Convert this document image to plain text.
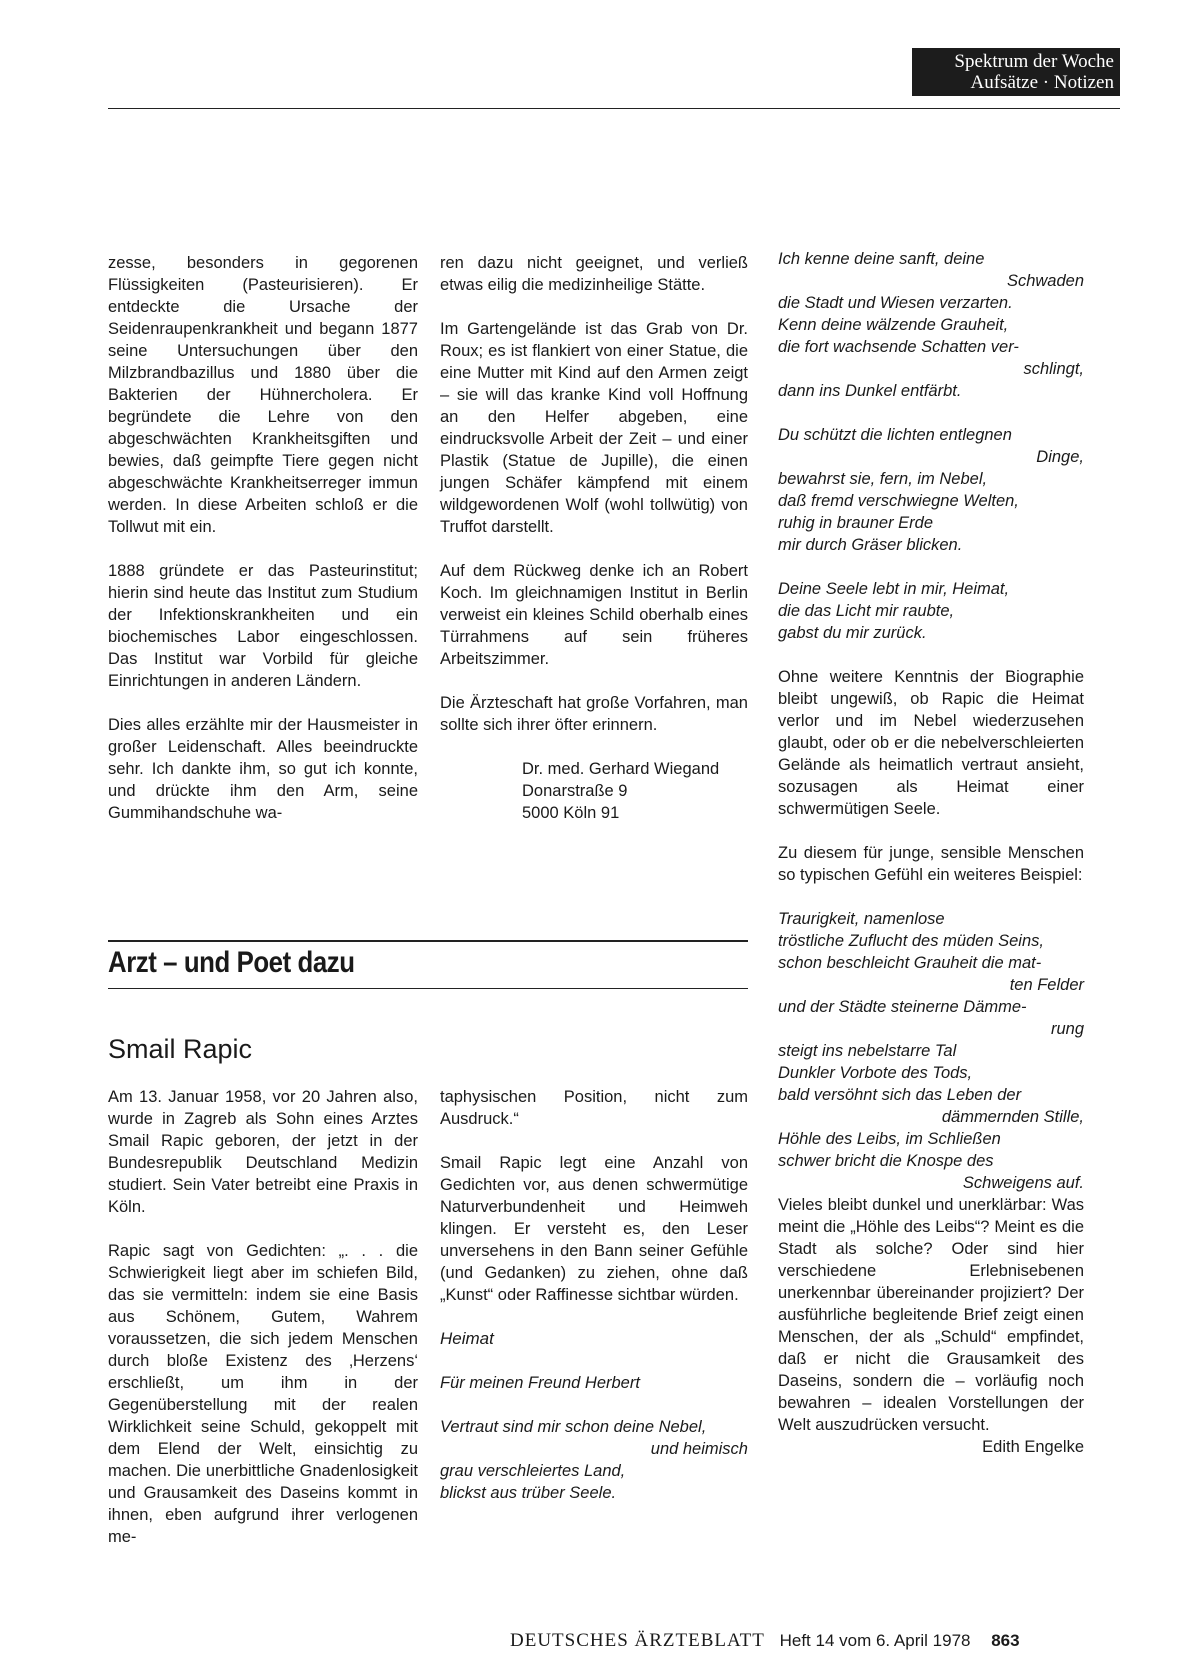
Spektrum der Woche
Aufsätze · Notizen

zesse, besonders in gegorenen Flüssigkeiten (Pasteurisieren). Er entdeckte die Ursache der Seidenraupenkrankheit und begann 1877 seine Untersuchungen über den Milzbrandbazillus und 1880 über die Bakterien der Hühnercholera. Er begründete die Lehre von den abgeschwächten Krankheitsgiften und bewies, daß geimpfte Tiere gegen nicht abgeschwächte Krankheitserreger immun werden. In diese Arbeiten schloß er die Tollwut mit ein.

1888 gründete er das Pasteurinstitut; hierin sind heute das Institut zum Studium der Infektionskrankheiten und ein biochemisches Labor eingeschlossen. Das Institut war Vorbild für gleiche Einrichtungen in anderen Ländern.

Dies alles erzählte mir der Hausmeister in großer Leidenschaft. Alles beeindruckte sehr. Ich dankte ihm, so gut ich konnte, und drückte ihm den Arm, seine Gummihandschuhe wa-

ren dazu nicht geeignet, und verließ etwas eilig die medizinheilige Stätte.

Im Gartengelände ist das Grab von Dr. Roux; es ist flankiert von einer Statue, die eine Mutter mit Kind auf den Armen zeigt – sie will das kranke Kind voll Hoffnung an den Helfer abgeben, eine eindrucksvolle Arbeit der Zeit – und einer Plastik (Statue de Jupille), die einen jungen Schäfer kämpfend mit einem wildgewordenen Wolf (wohl tollwütig) von Truffot darstellt.

Auf dem Rückweg denke ich an Robert Koch. Im gleichnamigen Institut in Berlin verweist ein kleines Schild oberhalb eines Türrahmens auf sein früheres Arbeitszimmer.

Die Ärzteschaft hat große Vorfahren, man sollte sich ihrer öfter erinnern.

Dr. med. Gerhard Wiegand
Donarstraße 9
5000 Köln 91
Arzt – und Poet dazu
Smail Rapic

Am 13. Januar 1958, vor 20 Jahren also, wurde in Zagreb als Sohn eines Arztes Smail Rapic geboren, der jetzt in der Bundesrepublik Deutschland Medizin studiert. Sein Vater betreibt eine Praxis in Köln.

Rapic sagt von Gedichten: „. . . die Schwierigkeit liegt aber im schiefen Bild, das sie vermitteln: indem sie eine Basis aus Schönem, Gutem, Wahrem voraussetzen, die sich jedem Menschen durch bloße Existenz des ‚Herzens‘ erschließt, um ihm in der Gegenüberstellung mit der realen Wirklichkeit seine Schuld, gekoppelt mit dem Elend der Welt, einsichtig zu machen. Die unerbittliche Gnadenlosigkeit und Grausamkeit des Daseins kommt in ihnen, eben aufgrund ihrer verlogenen me-

taphysischen Position, nicht zum Ausdruck.“

Smail Rapic legt eine Anzahl von Gedichten vor, aus denen schwermütige Naturverbundenheit und Heimweh klingen. Er versteht es, den Leser unversehens in den Bann seiner Gefühle (und Gedanken) zu ziehen, ohne daß „Kunst“ oder Raffinesse sichtbar würden.

Heimat
Für meinen Freund Herbert
Vertraut sind mir schon deine Nebel,
und heimisch
grau verschleiertes Land,
blickst aus trüber Seele.
Ich kenne deine sanft, deine
Schwaden
die Stadt und Wiesen verzarten.
Kenn deine wälzende Grauheit,
die fort wachsende Schatten ver-
schlingt,
dann ins Dunkel entfärbt.
Du schützt die lichten entlegnen
Dinge,
bewahrst sie, fern, im Nebel,
daß fremd verschwiegne Welten,
ruhig in brauner Erde
mir durch Gräser blicken.
Deine Seele lebt in mir, Heimat,
die das Licht mir raubte,
gabst du mir zurück.

Ohne weitere Kenntnis der Biographie bleibt ungewiß, ob Rapic die Heimat verlor und im Nebel wiederzusehen glaubt, oder ob er die nebelverschleierten Gelände als heimatlich vertraut ansieht, sozusagen als Heimat einer schwermütigen Seele.

Zu diesem für junge, sensible Menschen so typischen Gefühl ein weiteres Beispiel:

Traurigkeit, namenlose
tröstliche Zuflucht des müden Seins,
schon beschleicht Grauheit die mat-
ten Felder
und der Städte steinerne Dämme-
rung
steigt ins nebelstarre Tal
Dunkler Vorbote des Tods,
bald versöhnt sich das Leben der
dämmernden Stille,
Höhle des Leibs, im Schließen
schwer bricht die Knospe des
Schweigens auf.

Vieles bleibt dunkel und unerklärbar: Was meint die „Höhle des Leibs“? Meint es die Stadt als solche? Oder sind hier verschiedene Erlebnisebenen unerkennbar übereinander projiziert? Der ausführliche begleitende Brief zeigt einen Menschen, der als „Schuld“ empfindet, daß er nicht die Grausamkeit des Daseins, sondern die – vorläufig noch bewahren – idealen Vorstellungen der Welt auszudrücken versucht.

Edith Engelke
DEUTSCHES ÄRZTEBLATT Heft 14 vom 6. April 1978 863
